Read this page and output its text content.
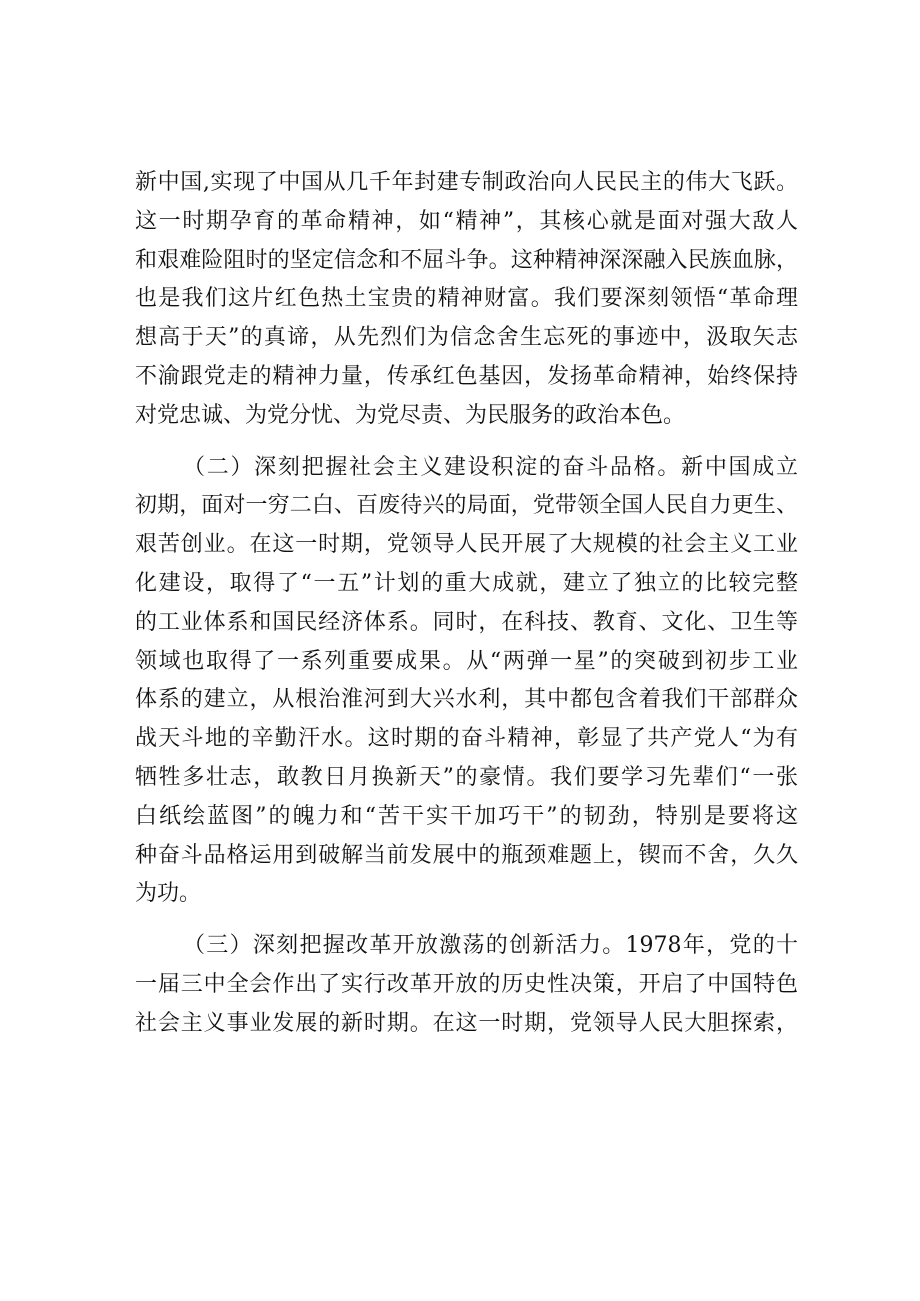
新中国,实现了中国从几千年封建专制政治向人民民主的伟大飞跃。
这一时期孕育的革命精神，如“精神”，其核心就是面对强大敌人
和艰难险阻时的坚定信念和不屈斗争。这种精神深深融入民族血脉，
也是我们这片红色热土宝贵的精神财富。我们要深刻领悟“革命理
想高于天”的真谛，从先烈们为信念舍生忘死的事迹中，汲取矢志
不渝跟党走的精神力量，传承红色基因，发扬革命精神，始终保持
对党忠诚、为党分忧、为党尽责、为民服务的政治本色。
（二）深刻把握社会主义建设积淀的奋斗品格。新中国成立
初期，面对一穷二白、百废待兴的局面，党带领全国人民自力更生、
艰苦创业。在这一时期，党领导人民开展了大规模的社会主义工业
化建设，取得了“一五”计划的重大成就，建立了独立的比较完整
的工业体系和国民经济体系。同时，在科技、教育、文化、卫生等
领域也取得了一系列重要成果。从“两弹一星”的突破到初步工业
体系的建立，从根治淮河到大兴水利，其中都包含着我们干部群众
战天斗地的辛勤汗水。这时期的奋斗精神，彰显了共产党人“为有
牺牲多壮志，敢教日月换新天”的豪情。我们要学习先辈们“一张
白纸绘蓝图”的魄力和“苦干实干加巧干”的韧劲，特别是要将这
种奋斗品格运用到破解当前发展中的瓶颈难题上，锲而不舍，久久
为功。
（三）深刻把握改革开放激荡的创新活力。1978年，党的十
一届三中全会作出了实行改革开放的历史性决策，开启了中国特色
社会主义事业发展的新时期。在这一时期，党领导人民大胆探索，
